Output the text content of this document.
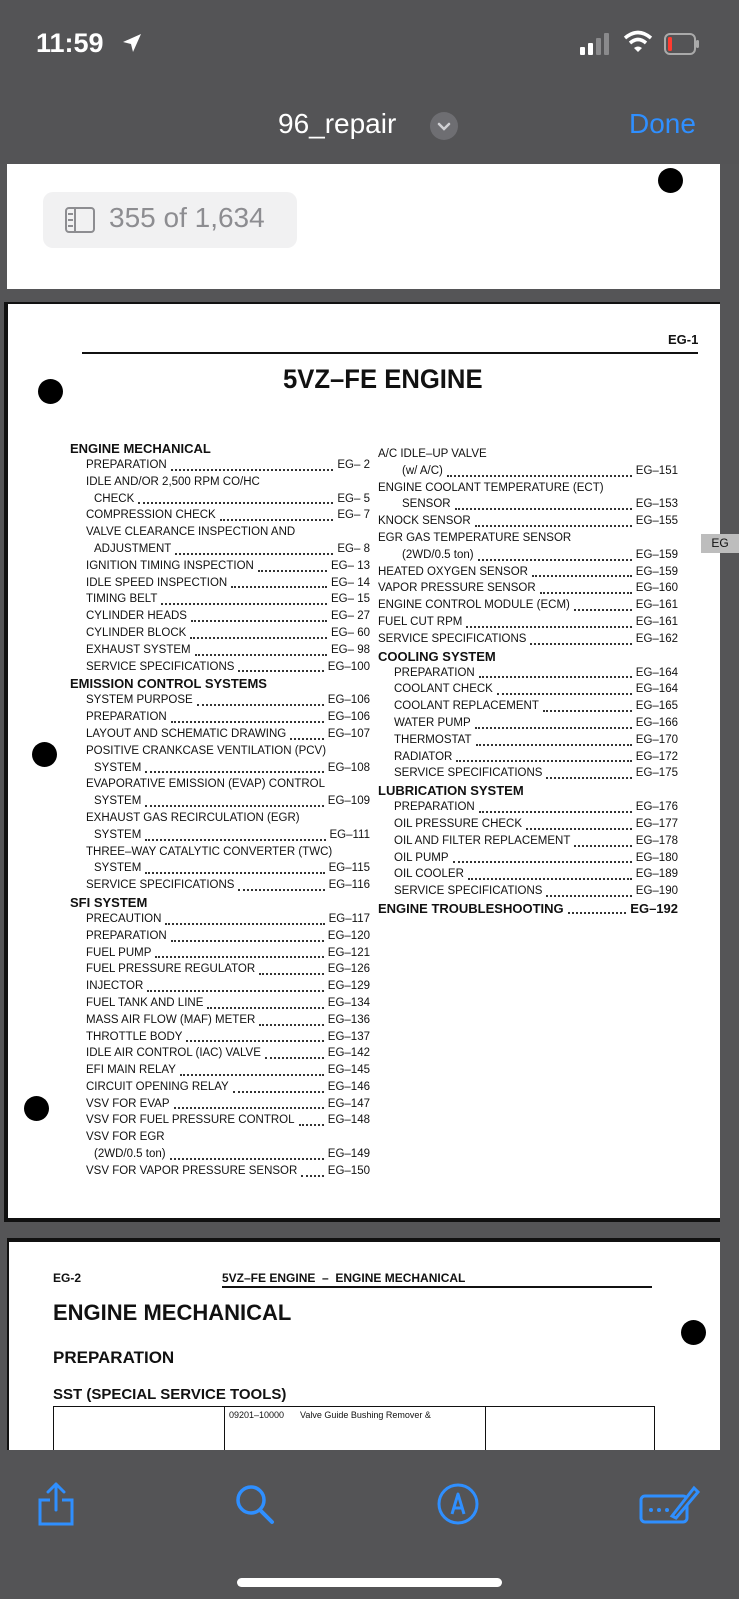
11:59
96_repair	Done
355 of 1,634
EG-1
5VZ–FE ENGINE
ENGINE MECHANICAL
PREPARATION	EG– 2
IDLE AND/OR 2,500 RPM CO/HC
CHECK	EG– 5
COMPRESSION CHECK	EG– 7
VALVE CLEARANCE INSPECTION AND
ADJUSTMENT	EG– 8
IGNITION TIMING INSPECTION	EG– 13
IDLE SPEED INSPECTION	EG– 14
TIMING BELT	EG– 15
CYLINDER HEADS	EG– 27
CYLINDER BLOCK	EG– 60
EXHAUST SYSTEM	EG– 98
SERVICE SPECIFICATIONS	EG–100
EMISSION CONTROL SYSTEMS
SYSTEM PURPOSE	EG–106
PREPARATION	EG–106
LAYOUT AND SCHEMATIC DRAWING	EG–107
POSITIVE CRANKCASE VENTILATION (PCV)
SYSTEM	EG–108
EVAPORATIVE EMISSION (EVAP) CONTROL
SYSTEM	EG–109
EXHAUST GAS RECIRCULATION (EGR)
SYSTEM	EG–111
THREE–WAY CATALYTIC CONVERTER (TWC)
SYSTEM	EG–115
SERVICE SPECIFICATIONS	EG–116
SFI SYSTEM
PRECAUTION	EG–117
PREPARATION	EG–120
FUEL PUMP	EG–121
FUEL PRESSURE REGULATOR	EG–126
INJECTOR	EG–129
FUEL TANK AND LINE	EG–134
MASS AIR FLOW (MAF) METER	EG–136
THROTTLE BODY	EG–137
IDLE AIR CONTROL (IAC) VALVE	EG–142
EFI MAIN RELAY	EG–145
CIRCUIT OPENING RELAY	EG–146
VSV FOR EVAP	EG–147
VSV FOR FUEL PRESSURE CONTROL	EG–148
VSV FOR EGR
(2WD/0.5 ton)	EG–149
VSV FOR VAPOR PRESSURE SENSOR	EG–150
A/C IDLE–UP VALVE
(w/ A/C)	EG–151
ENGINE COOLANT TEMPERATURE (ECT)
SENSOR	EG–153
KNOCK SENSOR	EG–155
EGR GAS TEMPERATURE SENSOR
(2WD/0.5 ton)	EG–159
HEATED OXYGEN SENSOR	EG–159
VAPOR PRESSURE SENSOR	EG–160
ENGINE CONTROL MODULE (ECM)	EG–161
FUEL CUT RPM	EG–161
SERVICE SPECIFICATIONS	EG–162
COOLING SYSTEM
PREPARATION	EG–164
COOLANT CHECK	EG–164
COOLANT REPLACEMENT	EG–165
WATER PUMP	EG–166
THERMOSTAT	EG–170
RADIATOR	EG–172
SERVICE SPECIFICATIONS	EG–175
LUBRICATION SYSTEM
PREPARATION	EG–176
OIL PRESSURE CHECK	EG–177
OIL AND FILTER REPLACEMENT	EG–178
OIL PUMP	EG–180
OIL COOLER	EG–189
SERVICE SPECIFICATIONS	EG–190
ENGINE TROUBLESHOOTING	EG–192
EG
EG-2	5VZ–FE ENGINE  –  ENGINE MECHANICAL
ENGINE MECHANICAL
PREPARATION
SST (SPECIAL SERVICE TOOLS)
09201–10000 Valve Guide Bushing Remover &
